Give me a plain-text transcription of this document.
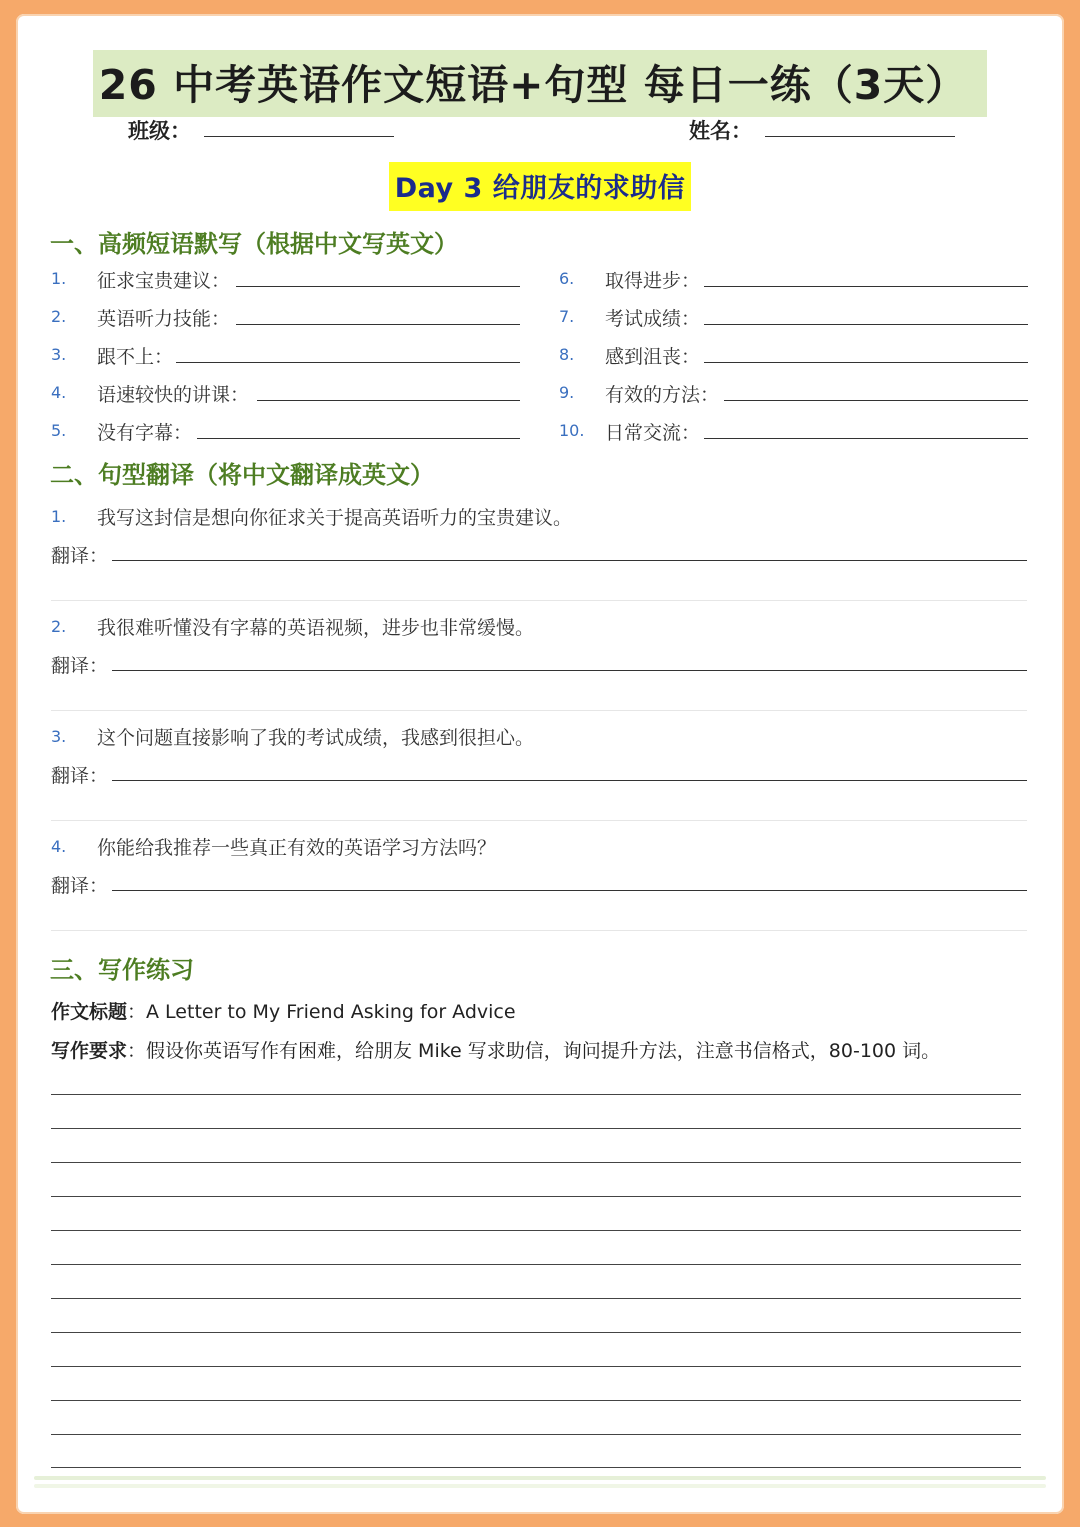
26 中考英语作文短语+句型 每日一练（3天）
班级：	姓名：
Day 3 给朋友的求助信
一、高频短语默写（根据中文写英文）
1. 征求宝贵建议：
2. 英语听力技能：
3. 跟不上：
4. 语速较快的讲课：
5. 没有字幕：
6. 取得进步：
7. 考试成绩：
8. 感到沮丧：
9. 有效的方法：
10. 日常交流：
二、句型翻译（将中文翻译成英文）
1. 我写这封信是想向你征求关于提高英语听力的宝贵建议。
翻译：
2. 我很难听懂没有字幕的英语视频，进步也非常缓慢。
翻译：
3. 这个问题直接影响了我的考试成绩，我感到很担心。
翻译：
4. 你能给我推荐一些真正有效的英语学习方法吗？
翻译：
三、写作练习
作文标题：A Letter to My Friend Asking for Advice
写作要求：假设你英语写作有困难，给朋友 Mike 写求助信，询问提升方法，注意书信格式，80-100 词。
